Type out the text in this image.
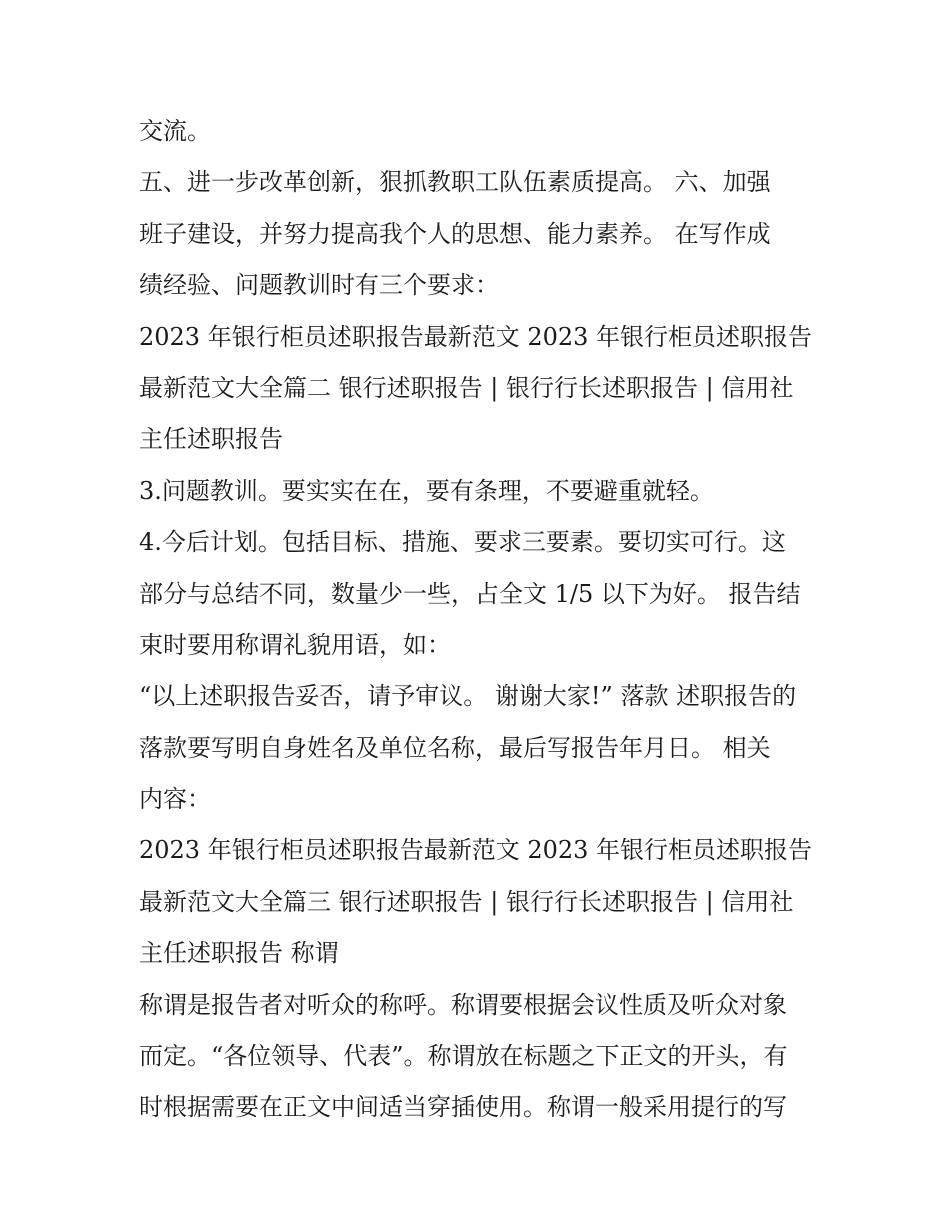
交流。
五、进一步改革创新，狠抓教职工队伍素质提高。 六、加强
班子建设，并努力提高我个人的思想、能力素养。 在写作成
绩经验、问题教训时有三个要求：
2023 年银行柜员述职报告最新范文 2023 年银行柜员述职报告
最新范文大全篇二 银行述职报告 | 银行行长述职报告 | 信用社
主任述职报告
3.问题教训。要实实在在，要有条理，不要避重就轻。
4.今后计划。包括目标、措施、要求三要素。要切实可行。这
部分与总结不同，数量少一些，占全文 1/5 以下为好。 报告结
束时要用称谓礼貌用语，如：
“以上述职报告妥否，请予审议。 谢谢大家!” 落款 述职报告的
落款要写明自身姓名及单位名称，最后写报告年月日。 相关
内容：
2023 年银行柜员述职报告最新范文 2023 年银行柜员述职报告
最新范文大全篇三 银行述职报告 | 银行行长述职报告 | 信用社
主任述职报告 称谓
称谓是报告者对听众的称呼。称谓要根据会议性质及听众对象
而定。“各位领导、代表”。称谓放在标题之下正文的开头，有
时根据需要在正文中间适当穿插使用。称谓一般采用提行的写
